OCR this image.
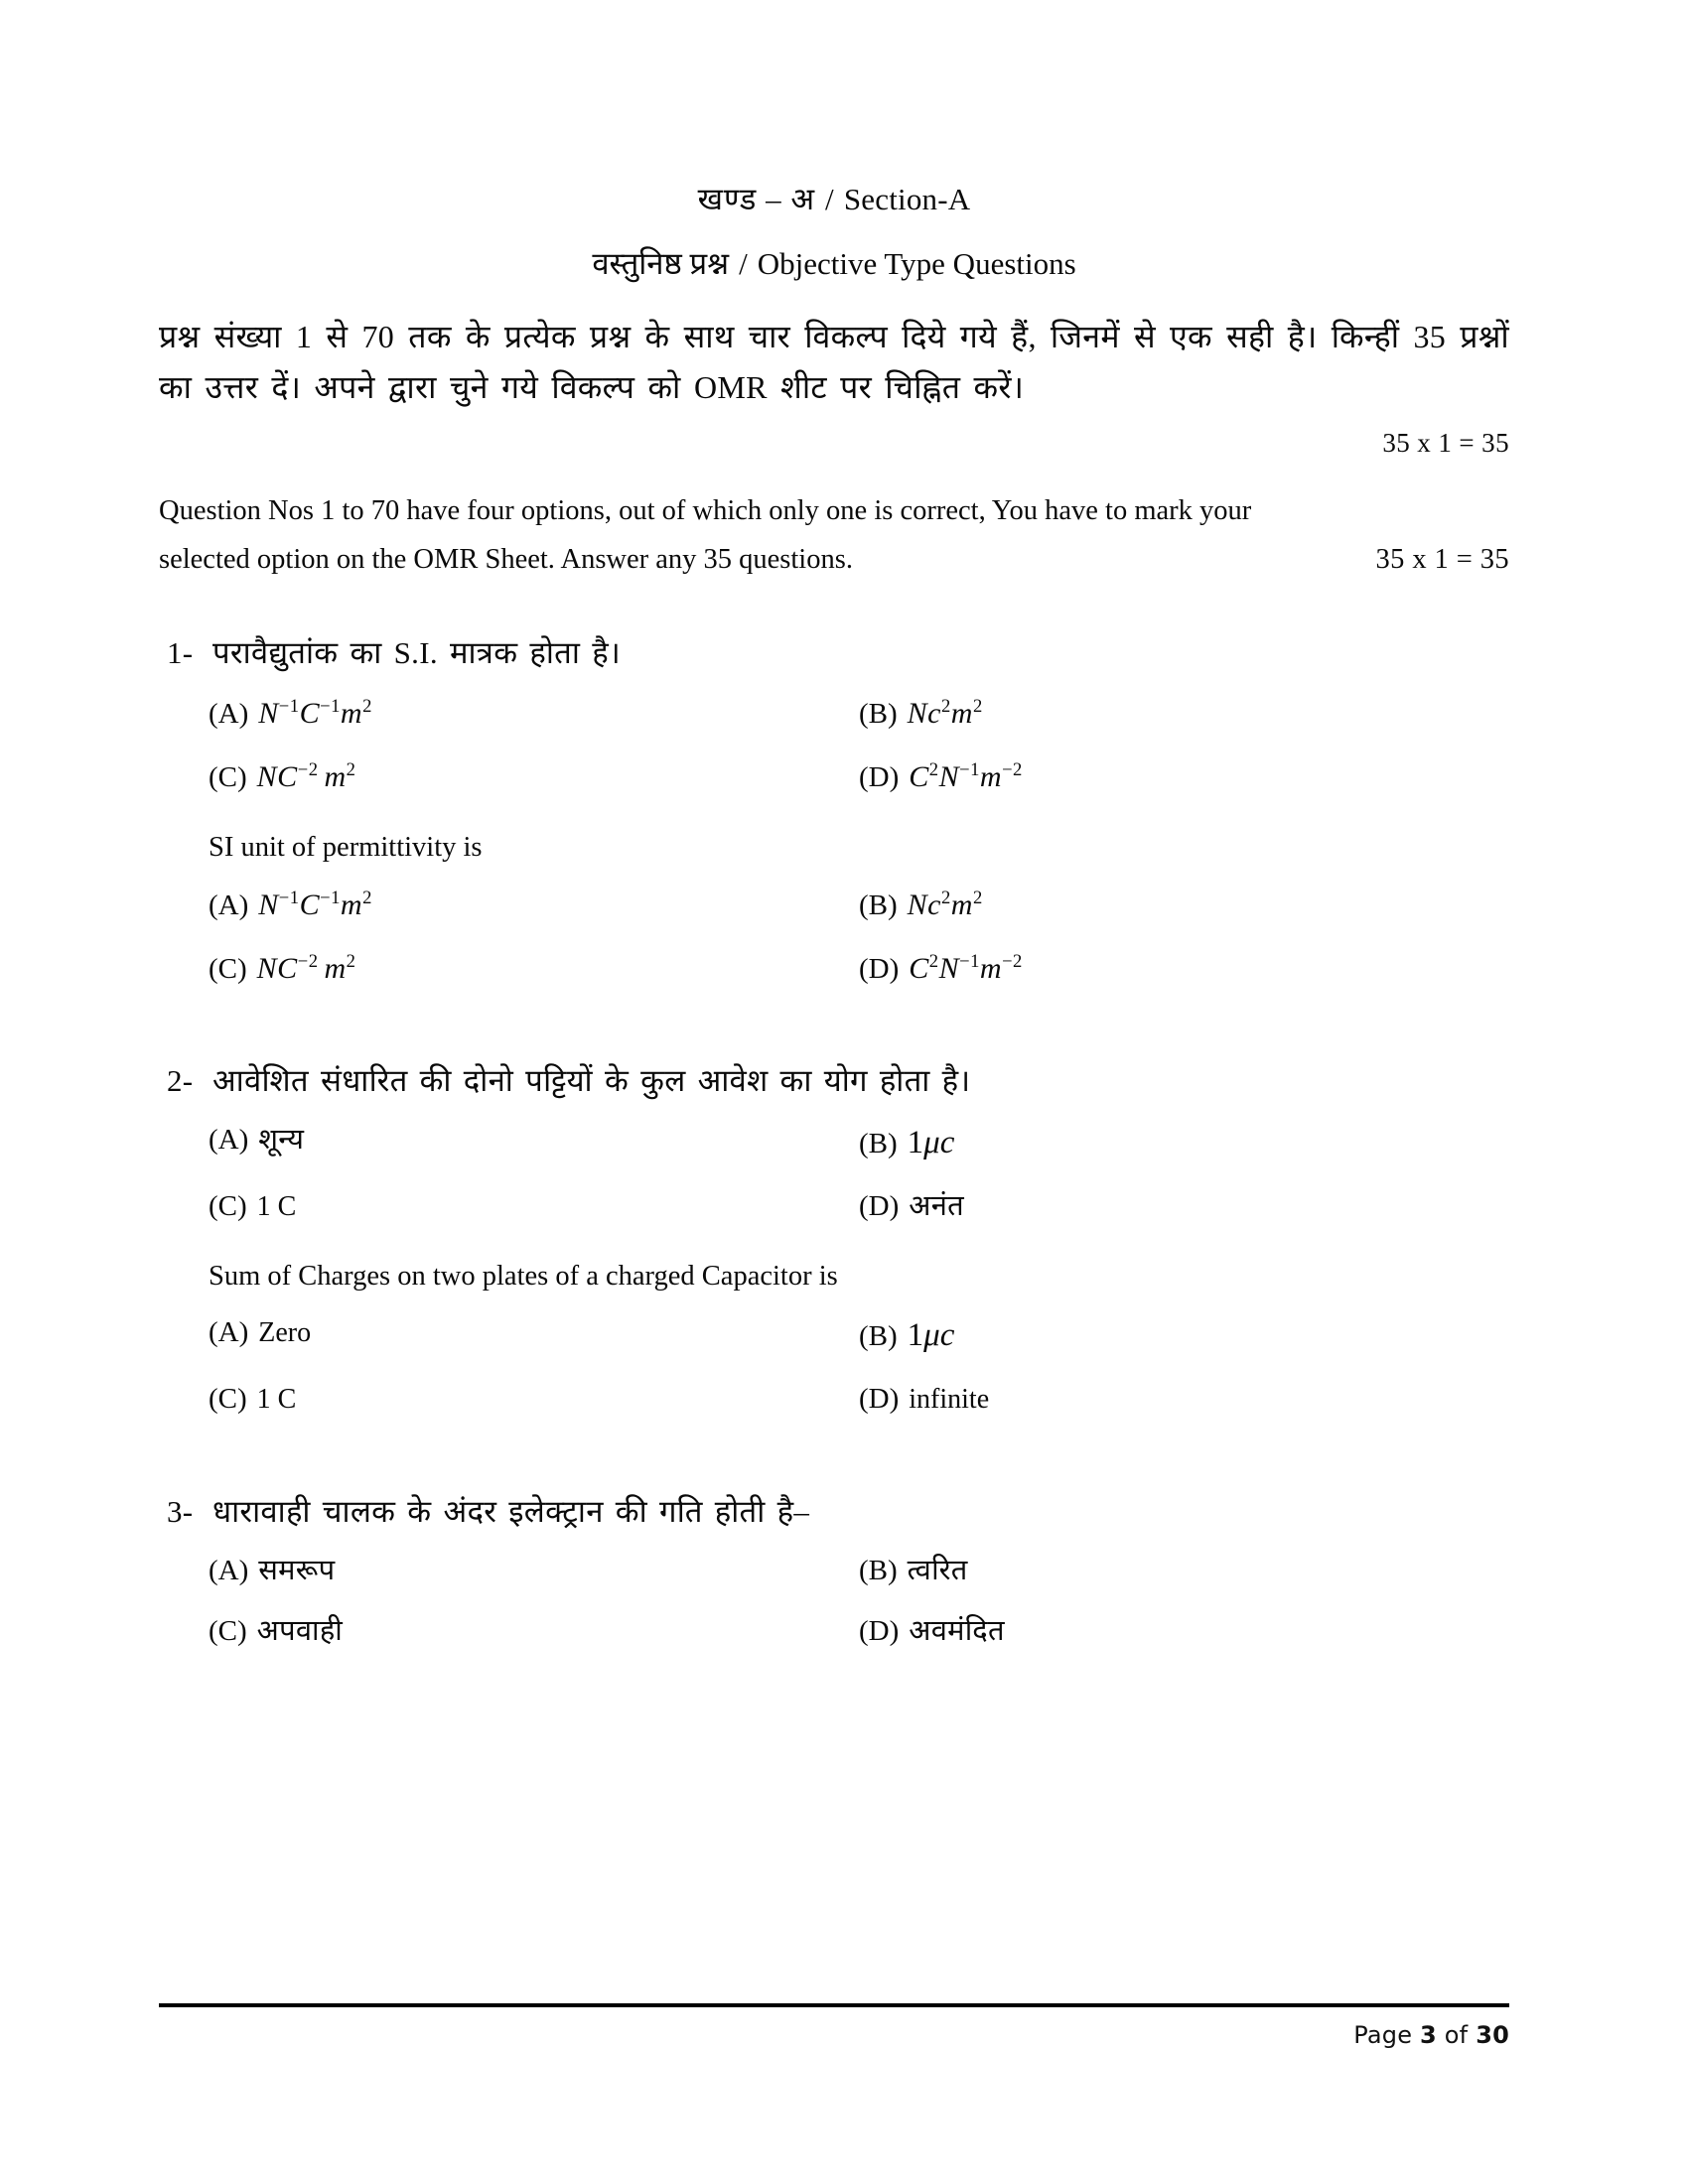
खण्ड – अ / Section-A
वस्तुनिष्ठ प्रश्न / Objective Type Questions
प्रश्न संख्या 1 से 70 तक के प्रत्येक प्रश्न के साथ चार विकल्प दिये गये हैं, जिनमें से एक सही है। किन्हीं 35 प्रश्नों का उत्तर दें। अपने द्वारा चुने गये विकल्प को OMR शीट पर चिह्नित करें।
35 x 1 = 35
Question Nos 1 to 70 have four options, out of which only one is correct, You have to mark your
selected option on the OMR Sheet. Answer any 35 questions.	35 x 1 = 35
1- परावैद्युतांक का S.I. मात्रक होता है।
(A) $N^{-1}C^{-1}m^2$	(B) $Nc^2m^2$
(C) $NC^{-2}$ $m^2$	(D) $C^2N^{-1}m^{-2}$
SI unit of permittivity is
(A) $N^{-1}C^{-1}m^2$	(B) $Nc^2m^2$
(C) $NC^{-2}$ $m^2$	(D) $C^2N^{-1}m^{-2}$
2- आवेशित संधारित की दोनो पट्टियों के कुल आवेश का योग होता है।
(A) शून्य	(B) 1μc
(C) 1 C	(D) अनंत
Sum of Charges on two plates of a charged Capacitor is
(A) Zero	(B) 1μc
(C) 1 C	(D) infinite
3- धारावाही चालक के अंदर इलेक्ट्रान की गति होती है–
(A) समरूप	(B) त्वरित
(C) अपवाही	(D) अवमंदित
Page 3 of 30
